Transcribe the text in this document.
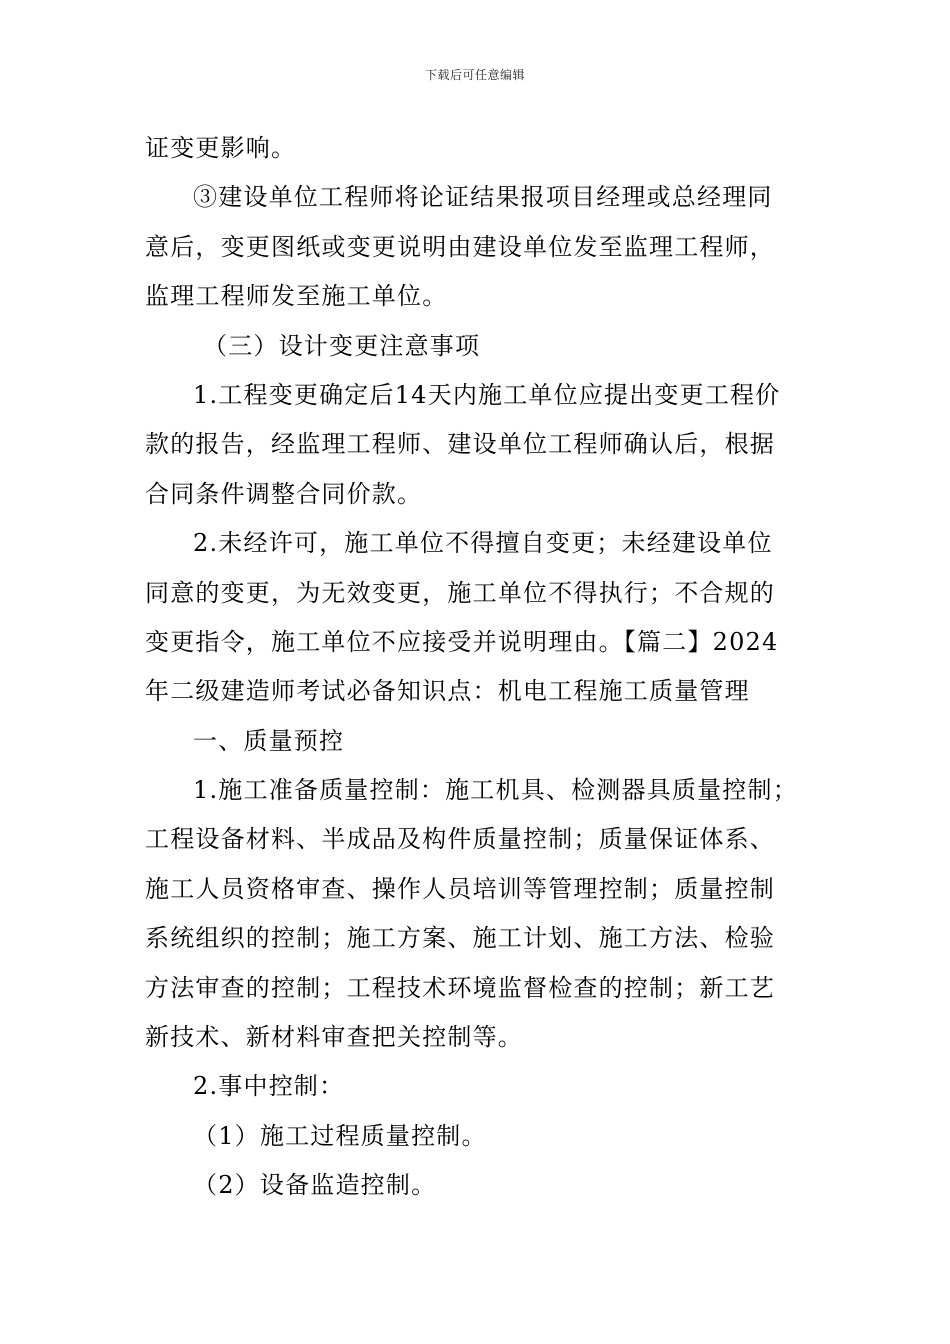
下载后可任意编辑
证变更影响。
③建设单位工程师将论证结果报项目经理或总经理同
意后，变更图纸或变更说明由建设单位发至监理工程师，
监理工程师发至施工单位。
（三）设计变更注意事项
1.工程变更确定后14天内施工单位应提出变更工程价
款的报告，经监理工程师、建设单位工程师确认后，根据
合同条件调整合同价款。
2.未经许可，施工单位不得擅自变更；未经建设单位
同意的变更，为无效变更，施工单位不得执行；不合规的
变更指令，施工单位不应接受并说明理由。【篇二】2024
年二级建造师考试必备知识点：机电工程施工质量管理
一、质量预控
1.施工准备质量控制：施工机具、检测器具质量控制；
工程设备材料、半成品及构件质量控制；质量保证体系、
施工人员资格审查、操作人员培训等管理控制；质量控制
系统组织的控制；施工方案、施工计划、施工方法、检验
方法审查的控制；工程技术环境监督检查的控制；新工艺
新技术、新材料审查把关控制等。
2.事中控制：
（1）施工过程质量控制。
（2）设备监造控制。
